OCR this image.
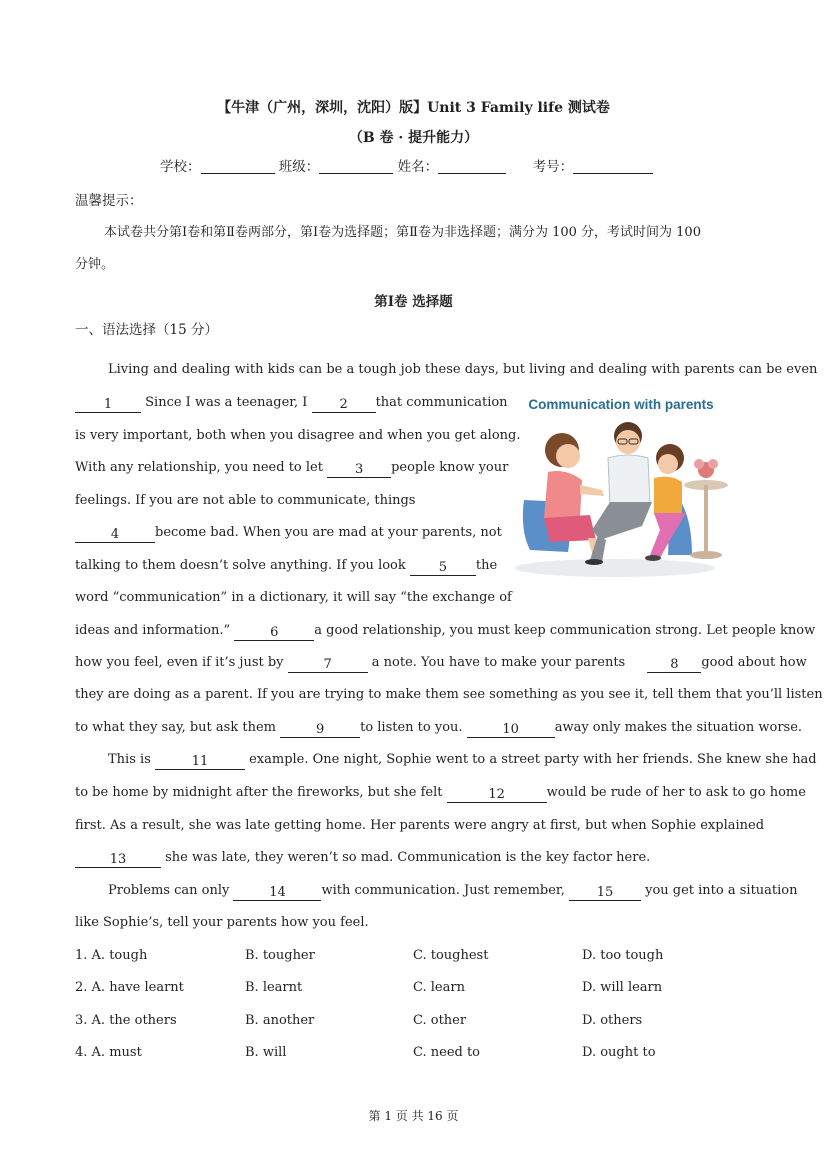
【牛津（广州，深圳，沈阳）版】Unit 3 Family life 测试卷
（B 卷 · 提升能力）
学校：	班级：	姓名：	考号：
温馨提示：
本试卷共分第Ⅰ卷和第Ⅱ卷两部分，第Ⅰ卷为选择题；第Ⅱ卷为非选择题；满分为 100 分，考试时间为 100
分钟。
第Ⅰ卷 选择题
一、语法选择（15 分）
Communication with parents
Living and dealing with kids can be a tough job these days, but living and dealing with parents can be even
1 Since I was a teenager, I 2 that communication
is very important, both when you disagree and when you get along.
With any relationship, you need to let 3 people know your
feelings. If you are not able to communicate, things
4	become bad. When you are mad at your parents, not
talking to them doesn’t solve anything. If you look 5 the
word “communication” in a dictionary, it will say “the exchange of
ideas and information.”	6	a good relationship, you must keep communication strong. Let people know
how you feel, even if it’s just by	7	a note. You have to make your parents	8 good about how
they are doing as a parent. If you are trying to make them see something as you see it, tell them that you’ll listen
to what they say, but ask them	9	to listen to you.	10	away only makes the situation worse.
This is	11	example. One night, Sophie went to a street party with her friends. She knew she had
to be home by midnight after the fireworks, but she felt	12	would be rude of her to ask to go home
first. As a result, she was late getting home. Her parents were angry at first, but when Sophie explained
13	she was late, they weren’t so mad. Communication is the key factor here.
Problems can only	14	with communication. Just remember, 15 you get into a situation
like Sophie’s, tell your parents how you feel.
1. A. tough	B. tougher	C. toughest	D. too tough
2. A. have learnt	B. learnt	C. learn	D. will learn
3. A. the others	B. another	C. other	D. others
4. A. must	B. will	C. need to	D. ought to
第 1 页 共 16 页
